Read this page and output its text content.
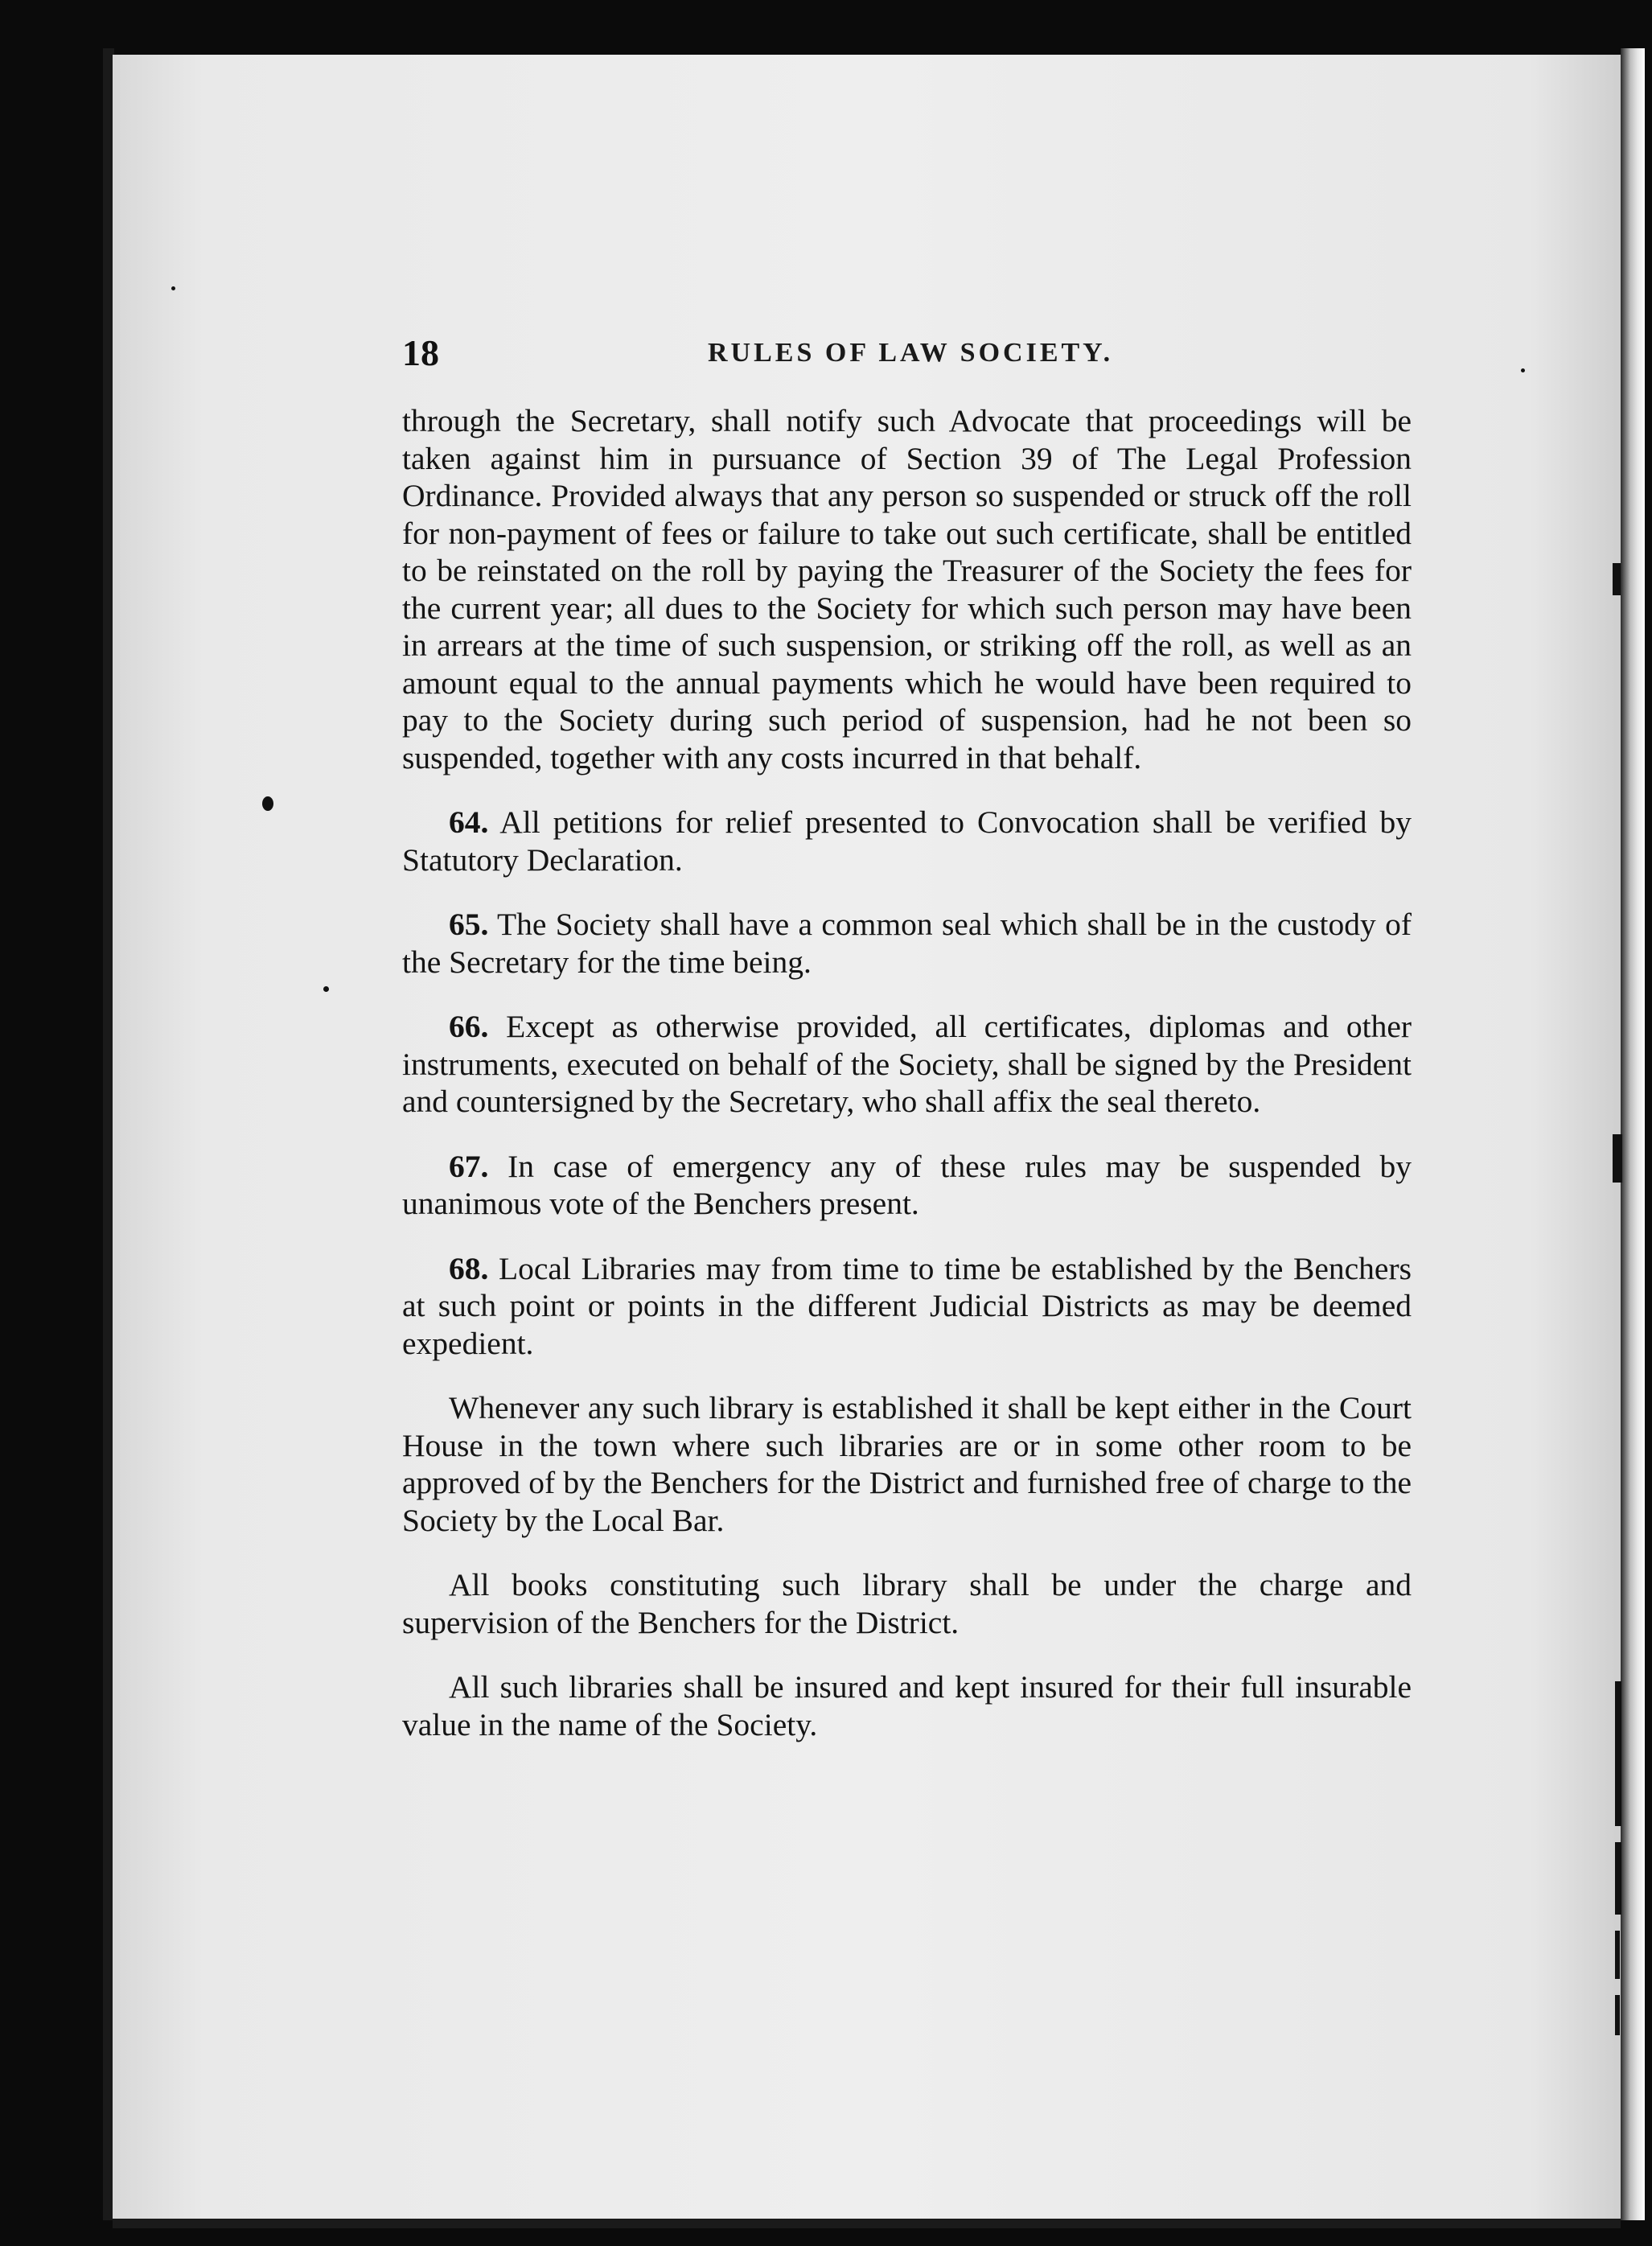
18	RULES OF LAW SOCIETY.

through the Secretary, shall notify such Advocate that proceedings will be taken against him in pursuance of Section 39 of The Legal Profession Ordinance. Provided always that any person so suspended or struck off the roll for non-payment of fees or failure to take out such certificate, shall be entitled to be reinstated on the roll by paying the Treasurer of the Society the fees for the current year; all dues to the Society for which such person may have been in arrears at the time of such suspension, or striking off the roll, as well as an amount equal to the annual payments which he would have been required to pay to the Society during such period of suspension, had he not been so suspended, together with any costs incurred in that behalf.

64. All petitions for relief presented to Convocation shall be verified by Statutory Declaration.

65. The Society shall have a common seal which shall be in the custody of the Secretary for the time being.

66. Except as otherwise provided, all certificates, diplomas and other instruments, executed on behalf of the Society, shall be signed by the President and countersigned by the Secretary, who shall affix the seal thereto.

67. In case of emergency any of these rules may be suspended by unanimous vote of the Benchers present.

68. Local Libraries may from time to time be established by the Benchers at such point or points in the different Judicial Districts as may be deemed expedient.

Whenever any such library is established it shall be kept either in the Court House in the town where such libraries are or in some other room to be approved of by the Benchers for the District and furnished free of charge to the Society by the Local Bar.

All books constituting such library shall be under the charge and supervision of the Benchers for the District.

All such libraries shall be insured and kept insured for their full insurable value in the name of the Society.
